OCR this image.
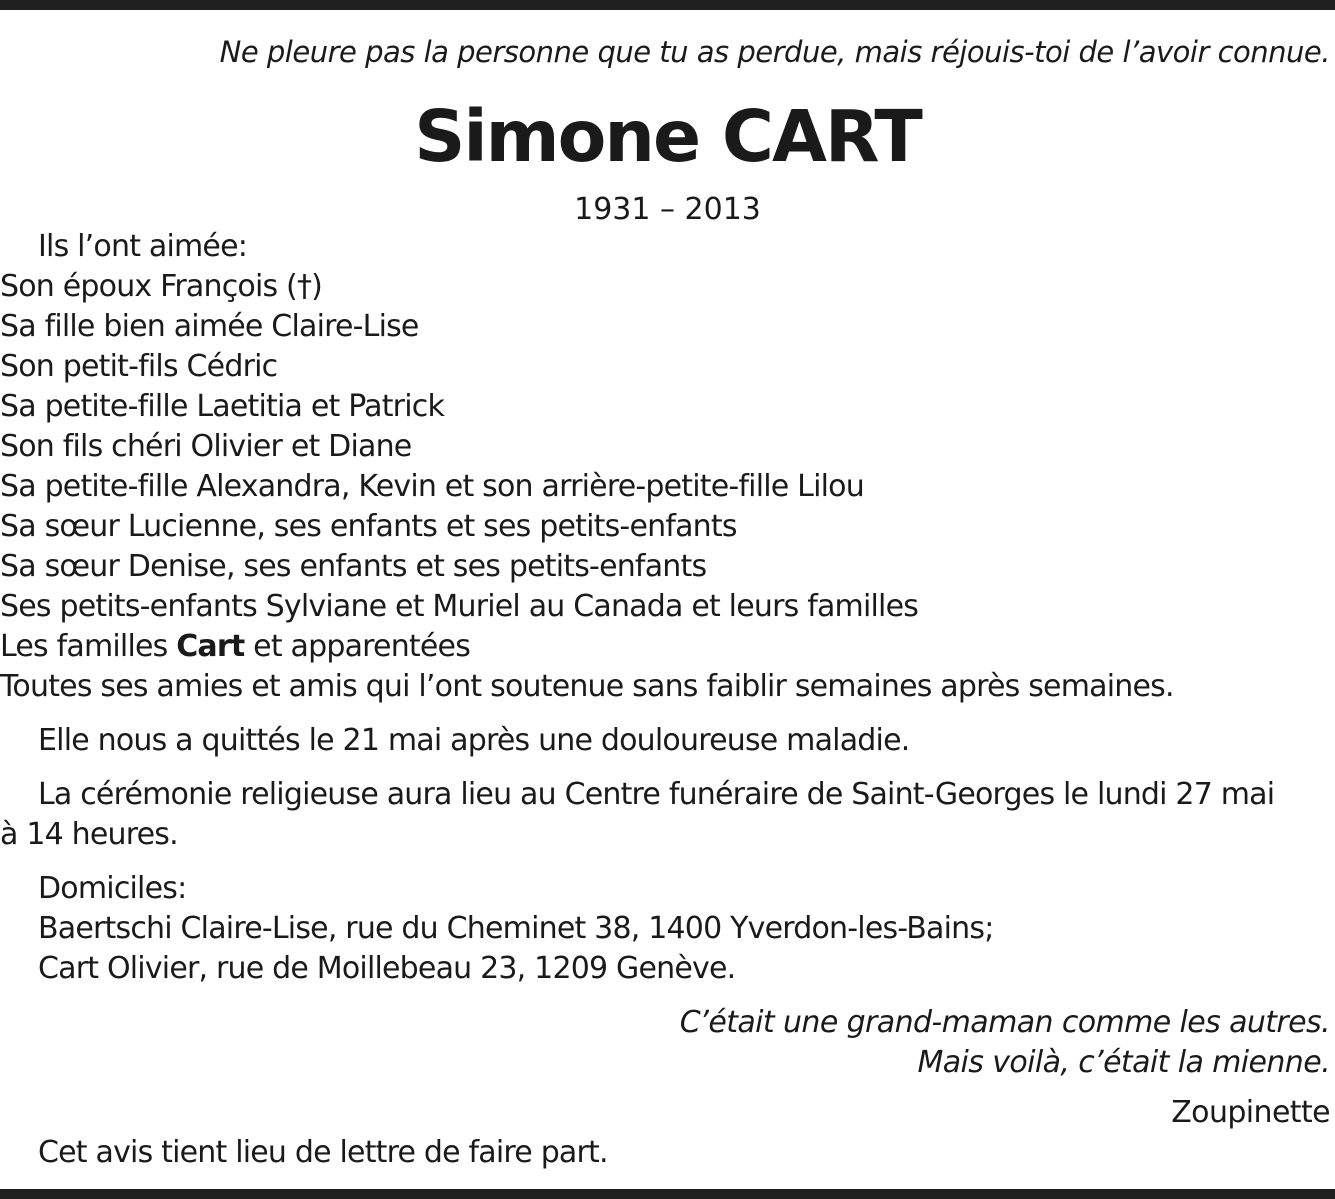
Ne pleure pas la personne que tu as perdue, mais réjouis-toi de l’avoir connue.

Simone CART

1931 – 2013

Ils l’ont aimée:

Son époux François (†)

Sa fille bien aimée Claire-Lise

Son petit-fils Cédric

Sa petite-fille Laetitia et Patrick

Son fils chéri Olivier et Diane

Sa petite-fille Alexandra, Kevin et son arrière-petite-fille Lilou

Sa sœur Lucienne, ses enfants et ses petits-enfants

Sa sœur Denise, ses enfants et ses petits-enfants

Ses petits-enfants Sylviane et Muriel au Canada et leurs familles

Les familles Cart et apparentées

Toutes ses amies et amis qui l’ont soutenue sans faiblir semaines après semaines.

Elle nous a quittés le 21 mai après une douloureuse maladie.

La cérémonie religieuse aura lieu au Centre funéraire de Saint-Georges le lundi 27 mai

à 14 heures.

Domiciles:

Baertschi Claire-Lise, rue du Cheminet 38, 1400 Yverdon-les-Bains;

Cart Olivier, rue de Moillebeau 23, 1209 Genève.

C’était une grand-maman comme les autres.

Mais voilà, c’était la mienne.

Zoupinette

Cet avis tient lieu de lettre de faire part.
